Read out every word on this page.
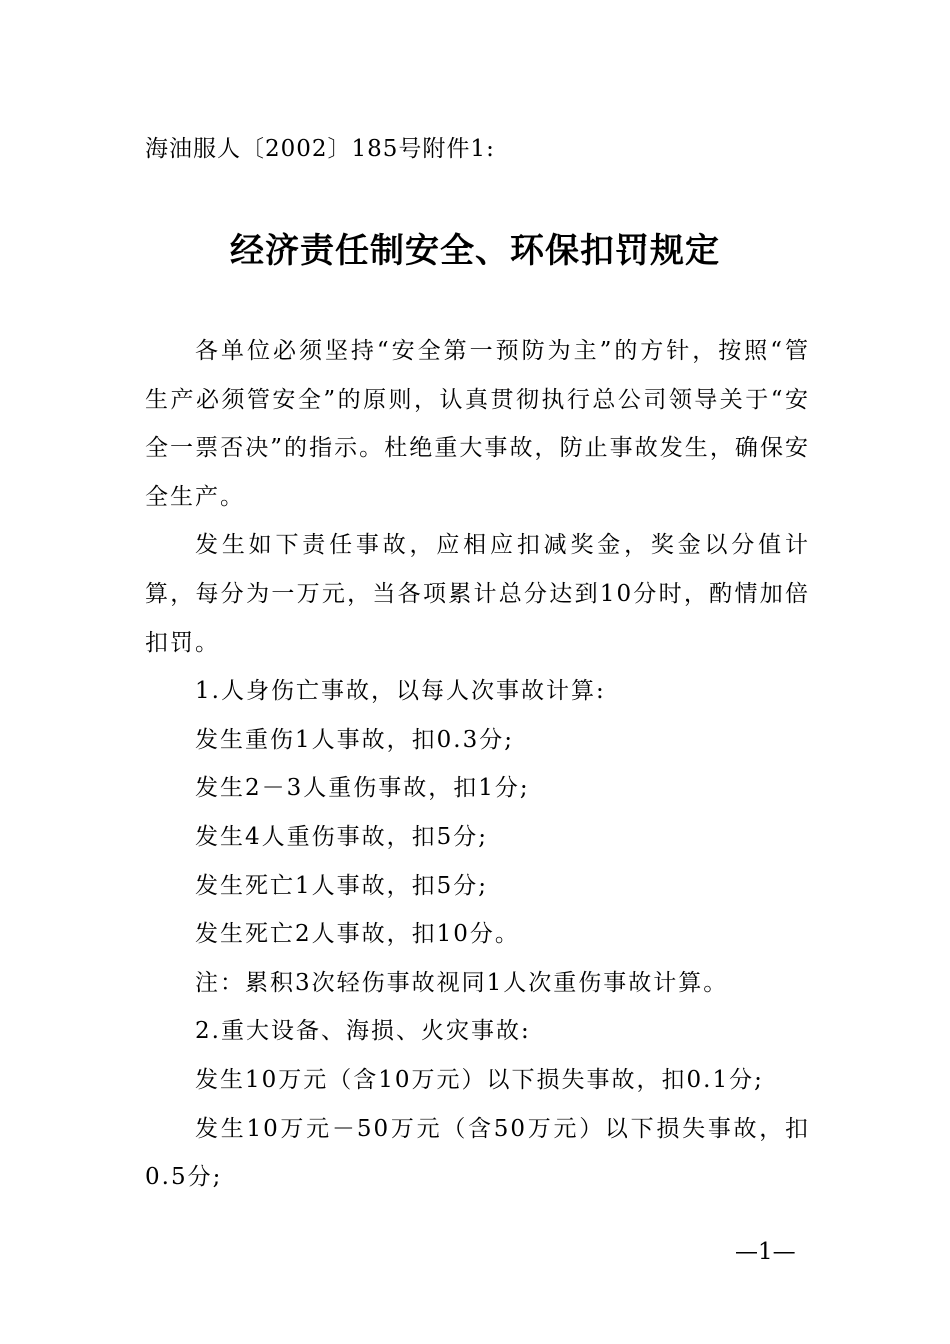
海油服人〔2002〕185号附件1:
经济责任制安全、环保扣罚规定

各单位必须坚持“安全第一预防为主”的方针，按照“管生产必须管安全”的原则，认真贯彻执行总公司领导关于“安全一票否决”的指示。杜绝重大事故，防止事故发生，确保安全生产。

发生如下责任事故，应相应扣减奖金，奖金以分值计算，每分为一万元，当各项累计总分达到10分时，酌情加倍扣罚。

1.人身伤亡事故，以每人次事故计算:

发生重伤1人事故，扣0.3分;

发生2－3人重伤事故，扣1分;

发生4人重伤事故，扣5分;

发生死亡1人事故，扣5分;

发生死亡2人事故，扣10分。

注：累积3次轻伤事故视同1人次重伤事故计算。

2.重大设备、海损、火灾事故:

发生10万元（含10万元）以下损失事故，扣0.1分;

发生10万元－50万元（含50万元）以下损失事故，扣0.5分;

—1—
